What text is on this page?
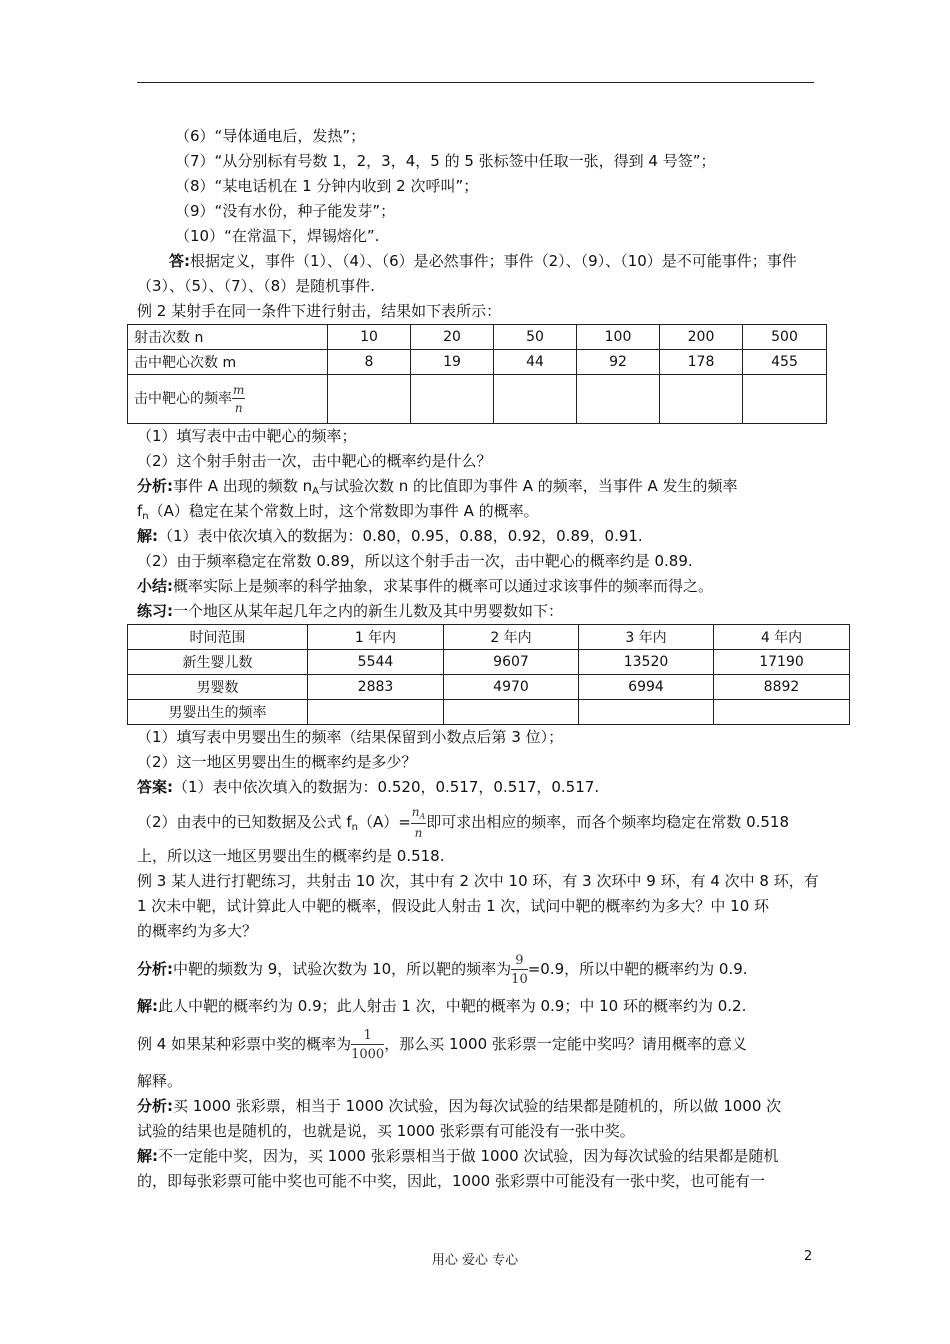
（6）“导体通电后，发热”；
（7）“从分别标有号数 1，2，3，4，5 的 5 张标签中任取一张，得到 4 号签”；
（8）“某电话机在 1 分钟内收到 2 次呼叫”；
（9）“没有水份，种子能发芽”；
（10）“在常温下，焊锡熔化”.
答:根据定义，事件（1）、（4）、（6）是必然事件；事件（2）、（9）、（10）是不可能事件；事件
（3）、（5）、（7）、（8）是随机事件.
例 2 某射手在同一条件下进行射击，结果如下表所示：
射击次数 n	10	20	50	100	200	500
击中靶心次数 m	8	19	44	92	178	455
击中靶心的频率 $\frac{m}{n}$

（1）填写表中击中靶心的频率；
（2）这个射手射击一次，击中靶心的概率约是什么？
分析:事件 A 出现的频数 $n_A$与试验次数 n 的比值即为事件 A 的频率，当事件 A 发生的频率
$f_n(A)$稳定在某个常数上时，这个常数即为事件 A 的概率。
解:（1）表中依次填入的数据为：0.80，0.95，0.88，0.92，0.89，0.91.
（2）由于频率稳定在常数 0.89，所以这个射手击一次，击中靶心的概率约是 0.89.
小结:概率实际上是频率的科学抽象，求某事件的概率可以通过求该事件的频率而得之。
练习:一个地区从某年起几年之内的新生儿数及其中男婴数如下：
时间范围	1 年内	2 年内	3 年内	4 年内
新生婴儿数	5544	9607	13520	17190
男婴数	2883	4970	6994	8892
男婴出生的频率				
（1）填写表中男婴出生的频率（结果保留到小数点后第 3 位）；
（2）这一地区男婴出生的概率约是多少？
答案:（1）表中依次填入的数据为：0.520，0.517，0.517，0.517.
（2）由表中的已知数据及公式 $f_n(A)= \frac{n_A}{n}$ 即可求出相应的频率，而各个频率均稳定在常数 0.518
上，所以这一地区男婴出生的概率约是 0.518.
例 3 某人进行打靶练习，共射击 10 次，其中有 2 次中 10 环，有 3 次环中 9 环，有 4 次中 8 环，有
1 次未中靶，试计算此人中靶的概率，假设此人射击 1 次，试问中靶的概率约为多大？中 10 环
的概率约为多大？
分析:中靶的频数为 9，试验次数为 10，所以靶的频率为 $\frac{9}{10} =0.9$，所以中靶的概率约为 0.9.
解:此人中靶的概率约为 0.9；此人射击 1 次，中靶的概率为 0.9；中 10 环的概率约为 0.2.
例 4 如果某种彩票中奖的概率为 $\frac{1}{1000}$ ，那么买 1000 张彩票一定能中奖吗？请用概率的意义
解释。
分析:买 1000 张彩票，相当于 1000 次试验，因为每次试验的结果都是随机的，所以做 1000 次
试验的结果也是随机的，也就是说，买 1000 张彩票有可能没有一张中奖。
解:不一定能中奖，因为，买 1000 张彩票相当于做 1000 次试验，因为每次试验的结果都是随机
的，即每张彩票可能中奖也可能不中奖，因此，1000 张彩票中可能没有一张中奖，也可能有一
用心 爱心 专心	2
